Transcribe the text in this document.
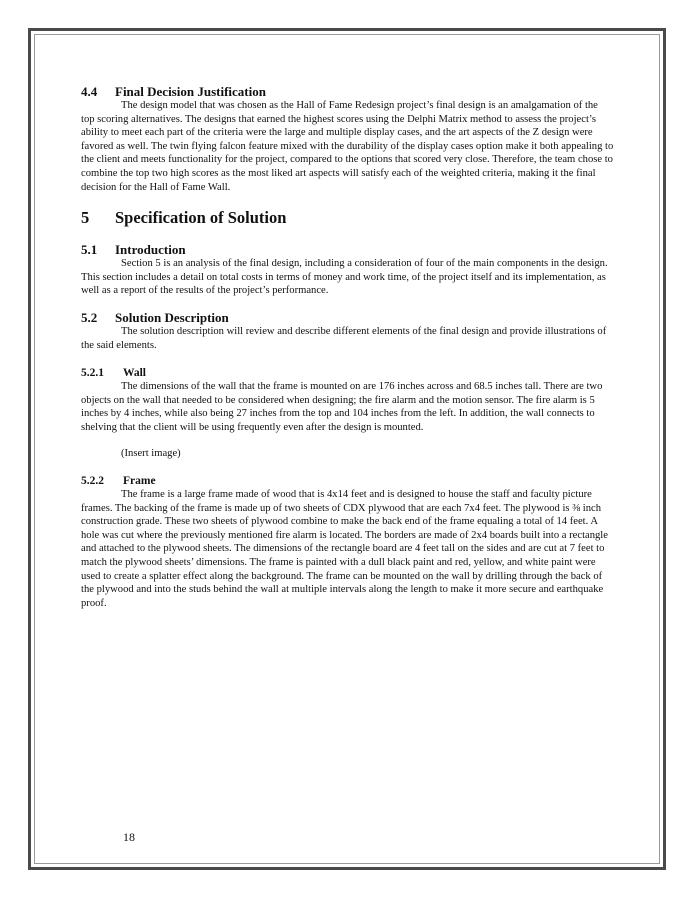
4.4 Final Decision Justification

The design model that was chosen as the Hall of Fame Redesign project’s final design is an amalgamation of the top scoring alternatives. The designs that earned the highest scores using the Delphi Matrix method to assess the project’s ability to meet each part of the criteria were the large and multiple display cases, and the art aspects of the Z design were favored as well. The twin flying falcon feature mixed with the durability of the display cases option make it both appealing to the client and meets functionality for the project, compared to the options that scored very close. Therefore, the team chose to combine the top two high scores as the most liked art aspects will satisfy each of the weighted criteria, making it the final decision for the Hall of Fame Wall.

5 Specification of Solution
5.1 Introduction

Section 5 is an analysis of the final design, including a consideration of four of the main components in the design. This section includes a detail on total costs in terms of money and work time, of the project itself and its implementation, as well as a report of the results of the project’s performance.

5.2 Solution Description

The solution description will review and describe different elements of the final design and provide illustrations of the said elements.

5.2.1 Wall

The dimensions of the wall that the frame is mounted on are 176 inches across and 68.5 inches tall. There are two objects on the wall that needed to be considered when designing; the fire alarm and the motion sensor. The fire alarm is 5 inches by 4 inches, while also being 27 inches from the top and 104 inches from the left. In addition, the wall connects to shelving that the client will be using frequently even after the design is mounted.

(Insert image)

5.2.2 Frame

The frame is a large frame made of wood that is 4x14 feet and is designed to house the staff and faculty picture frames. The backing of the frame is made up of two sheets of CDX plywood that are each 7x4 feet. The plywood is ⅜ inch construction grade. These two sheets of plywood combine to make the back end of the frame equaling a total of 14 feet. A hole was cut where the previously mentioned fire alarm is located. The borders are made of 2x4 boards built into a rectangle and attached to the plywood sheets. The dimensions of the rectangle board are 4 feet tall on the sides and are cut at 7 feet to match the plywood sheets’ dimensions. The frame is painted with a dull black paint and red, yellow, and white paint were used to create a splatter effect along the background. The frame can be mounted on the wall by drilling through the back of the plywood and into the studs behind the wall at multiple intervals along the length to make it more secure and earthquake proof.

18
